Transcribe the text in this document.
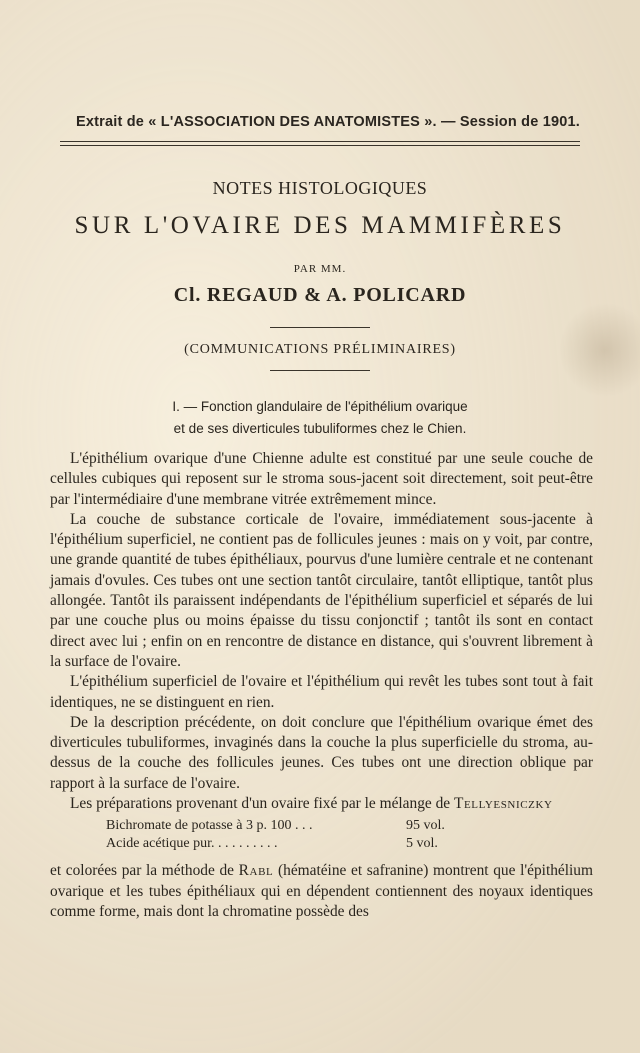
Extrait de « L'ASSOCIATION DES ANATOMISTES ». — Session de 1901.
NOTES HISTOLOGIQUES
SUR L'OVAIRE DES MAMMIFÈRES
PAR MM.
Cl. REGAUD & A. POLICARD
(COMMUNICATIONS PRÉLIMINAIRES)
I. — Fonction glandulaire de l'épithélium ovarique
et de ses diverticules tubuliformes chez le Chien.

L'épithélium ovarique d'une Chienne adulte est constitué par une seule couche de cellules cubiques qui reposent sur le stroma sous-jacent soit directement, soit peut-être par l'intermédiaire d'une membrane vitrée extrêmement mince.

La couche de substance corticale de l'ovaire, immédiatement sous-jacente à l'épithélium superficiel, ne contient pas de follicules jeunes : mais on y voit, par contre, une grande quantité de tubes épithéliaux, pourvus d'une lumière centrale et ne contenant jamais d'ovules. Ces tubes ont une section tantôt circulaire, tantôt elliptique, tantôt plus allongée. Tantôt ils paraissent indépendants de l'épithélium superficiel et séparés de lui par une couche plus ou moins épaisse du tissu conjonctif ; tantôt ils sont en contact direct avec lui ; enfin on en rencontre de distance en distance, qui s'ouvrent librement à la surface de l'ovaire.

L'épithélium superficiel de l'ovaire et l'épithélium qui revêt les tubes sont tout à fait identiques, ne se distinguent en rien.

De la description précédente, on doit conclure que l'épithélium ovarique émet des diverticules tubuliformes, invaginés dans la couche la plus superficielle du stroma, au-dessus de la couche des follicules jeunes. Ces tubes ont une direction oblique par rapport à la surface de l'ovaire.

Les préparations provenant d'un ovaire fixé par le mélange de Tellyesniczky

Bichromate de potasse à 3 p. 100 . . .	95 vol.
Acide acétique pur. . . . . . . . . .	5 vol.

et colorées par la méthode de Rabl (hématéine et safranine) montrent que l'épithélium ovarique et les tubes épithéliaux qui en dépendent contiennent des noyaux identiques comme forme, mais dont la chromatine possède des
